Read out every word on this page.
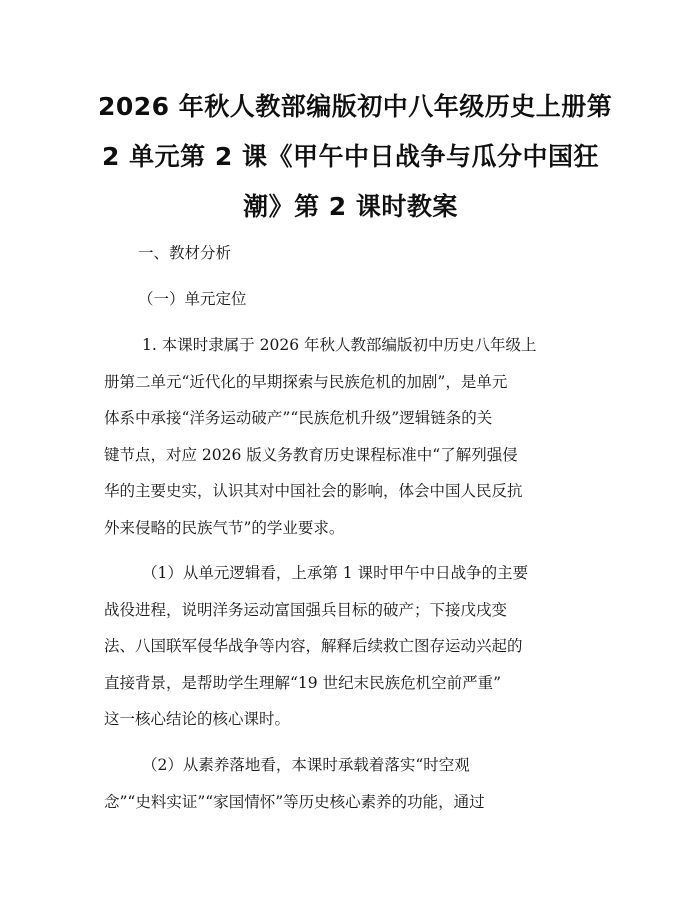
2026 年秋人教部编版初中八年级历史上册第
2 单元第 2 课《甲午中日战争与瓜分中国狂
潮》第 2 课时教案

一、教材分析

（一）单元定位

1. 本课时隶属于 2026 年秋人教部编版初中历史八年级上
册第二单元“近代化的早期探索与民族危机的加剧”，是单元
体系中承接“洋务运动破产”“民族危机升级”逻辑链条的关
键节点，对应 2026 版义务教育历史课程标准中“了解列强侵
华的主要史实，认识其对中国社会的影响，体会中国人民反抗
外来侵略的民族气节”的学业要求。
（1）从单元逻辑看，上承第 1 课时甲午中日战争的主要
战役进程，说明洋务运动富国强兵目标的破产；下接戊戌变
法、八国联军侵华战争等内容，解释后续救亡图存运动兴起的
直接背景，是帮助学生理解“19 世纪末民族危机空前严重”
这一核心结论的核心课时。
（2）从素养落地看，本课时承载着落实“时空观
念”“史料实证”“家国情怀”等历史核心素养的功能，通过
